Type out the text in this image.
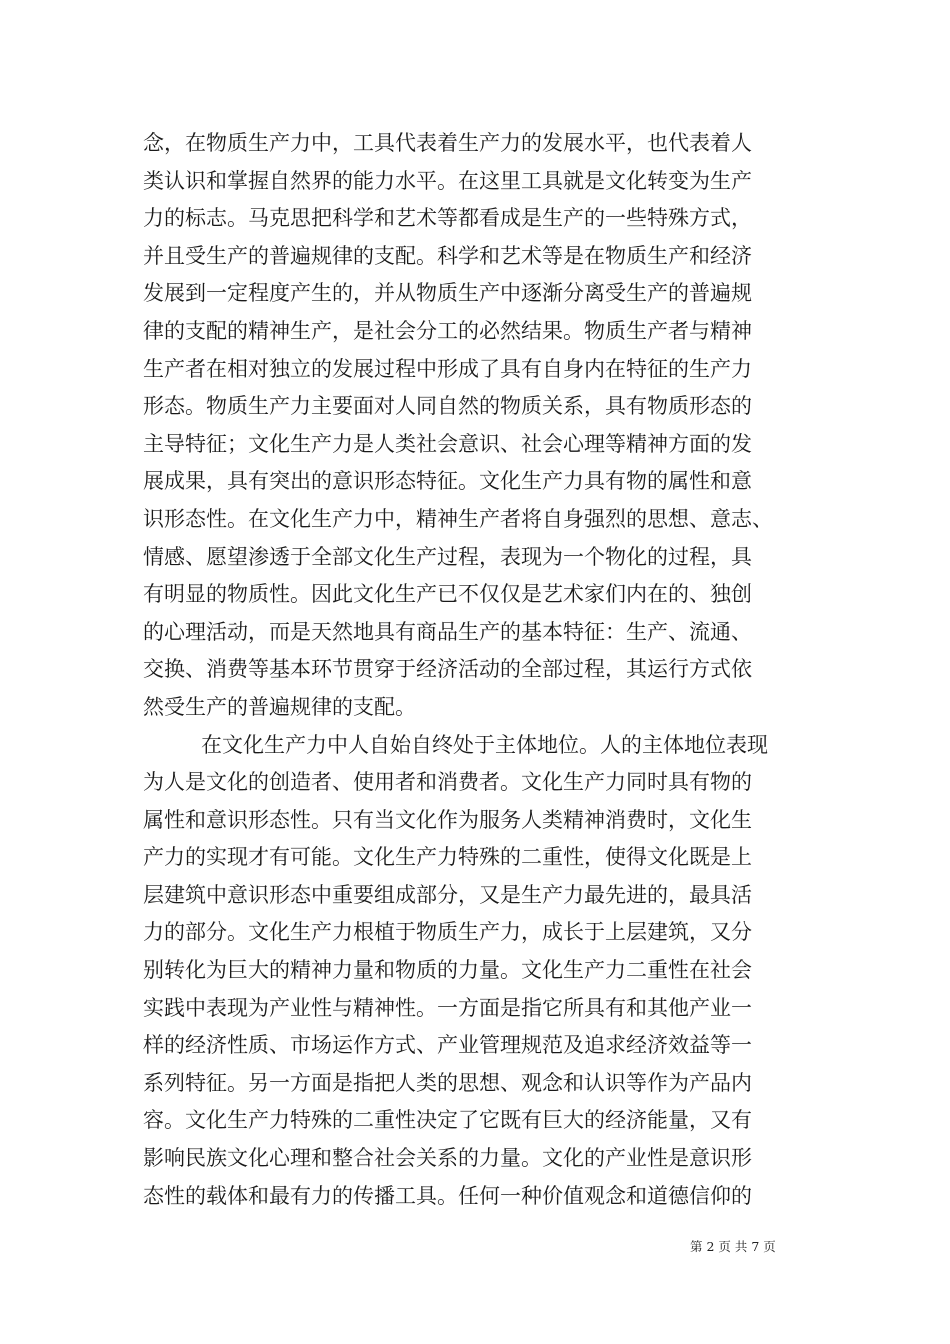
念，在物质生产力中，工具代表着生产力的发展水平，也代表着人
类认识和掌握自然界的能力水平。在这里工具就是文化转变为生产
力的标志。马克思把科学和艺术等都看成是生产的一些特殊方式，
并且受生产的普遍规律的支配。科学和艺术等是在物质生产和经济
发展到一定程度产生的，并从物质生产中逐渐分离受生产的普遍规
律的支配的精神生产，是社会分工的必然结果。物质生产者与精神
生产者在相对独立的发展过程中形成了具有自身内在特征的生产力
形态。物质生产力主要面对人同自然的物质关系，具有物质形态的
主导特征；文化生产力是人类社会意识、社会心理等精神方面的发
展成果，具有突出的意识形态特征。文化生产力具有物的属性和意
识形态性。在文化生产力中，精神生产者将自身强烈的思想、意志、
情感、愿望渗透于全部文化生产过程，表现为一个物化的过程，具
有明显的物质性。因此文化生产已不仅仅是艺术家们内在的、独创
的心理活动，而是天然地具有商品生产的基本特征：生产、流通、
交换、消费等基本环节贯穿于经济活动的全部过程，其运行方式依
然受生产的普遍规律的支配。
在文化生产力中人自始自终处于主体地位。人的主体地位表现
为人是文化的创造者、使用者和消费者。文化生产力同时具有物的
属性和意识形态性。只有当文化作为服务人类精神消费时，文化生
产力的实现才有可能。文化生产力特殊的二重性，使得文化既是上
层建筑中意识形态中重要组成部分，又是生产力最先进的，最具活
力的部分。文化生产力根植于物质生产力，成长于上层建筑，又分
别转化为巨大的精神力量和物质的力量。文化生产力二重性在社会
实践中表现为产业性与精神性。一方面是指它所具有和其他产业一
样的经济性质、市场运作方式、产业管理规范及追求经济效益等一
系列特征。另一方面是指把人类的思想、观念和认识等作为产品内
容。文化生产力特殊的二重性决定了它既有巨大的经济能量，又有
影响民族文化心理和整合社会关系的力量。文化的产业性是意识形
态性的载体和最有力的传播工具。任何一种价值观念和道德信仰的
第 2 页 共 7 页
